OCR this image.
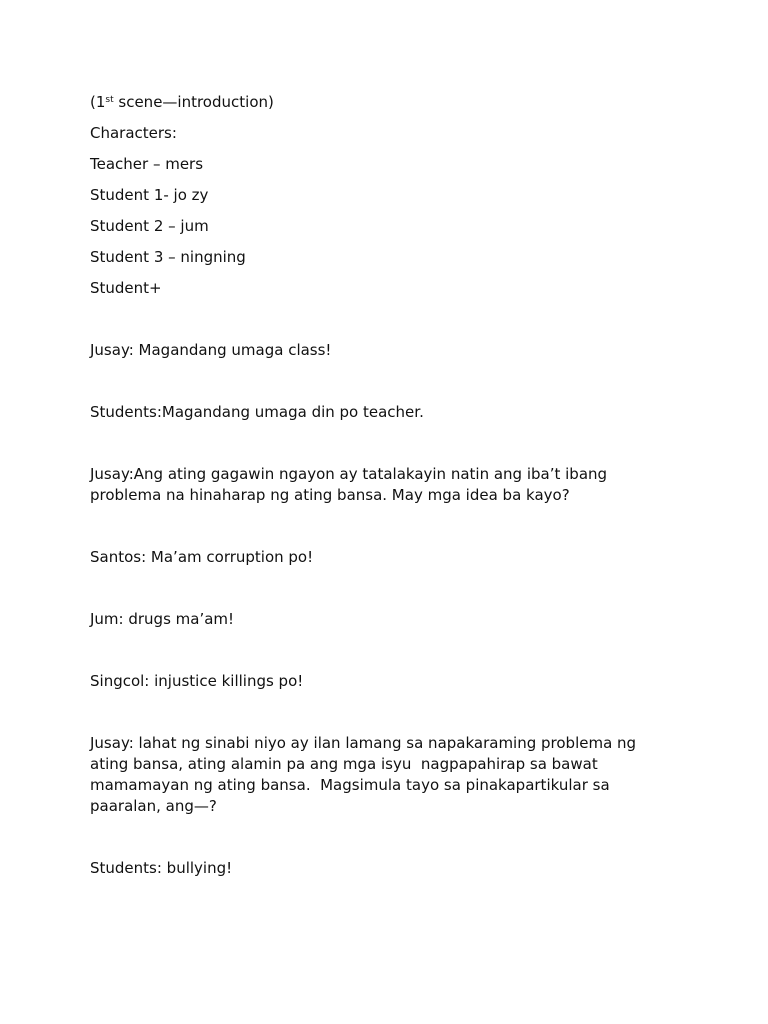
(1st scene—introduction)

Characters:

Teacher – mers

Student 1- jo zy

Student 2 – jum

Student 3 – ningning

Student+

Jusay: Magandang umaga class!

Students:Magandang umaga din po teacher.

Jusay:Ang ating gagawin ngayon ay tatalakayin natin ang iba’t ibang problema na hinaharap ng ating bansa. May mga idea ba kayo?

Santos: Ma’am corruption po!

Jum: drugs ma’am!

Singcol: injustice killings po!

Jusay: lahat ng sinabi niyo ay ilan lamang sa napakaraming problema ng ating bansa, ating alamin pa ang mga isyu  nagpapahirap sa bawat mamamayan ng ating bansa.  Magsimula tayo sa pinakapartikular sa paaralan, ang—?

Students: bullying!
